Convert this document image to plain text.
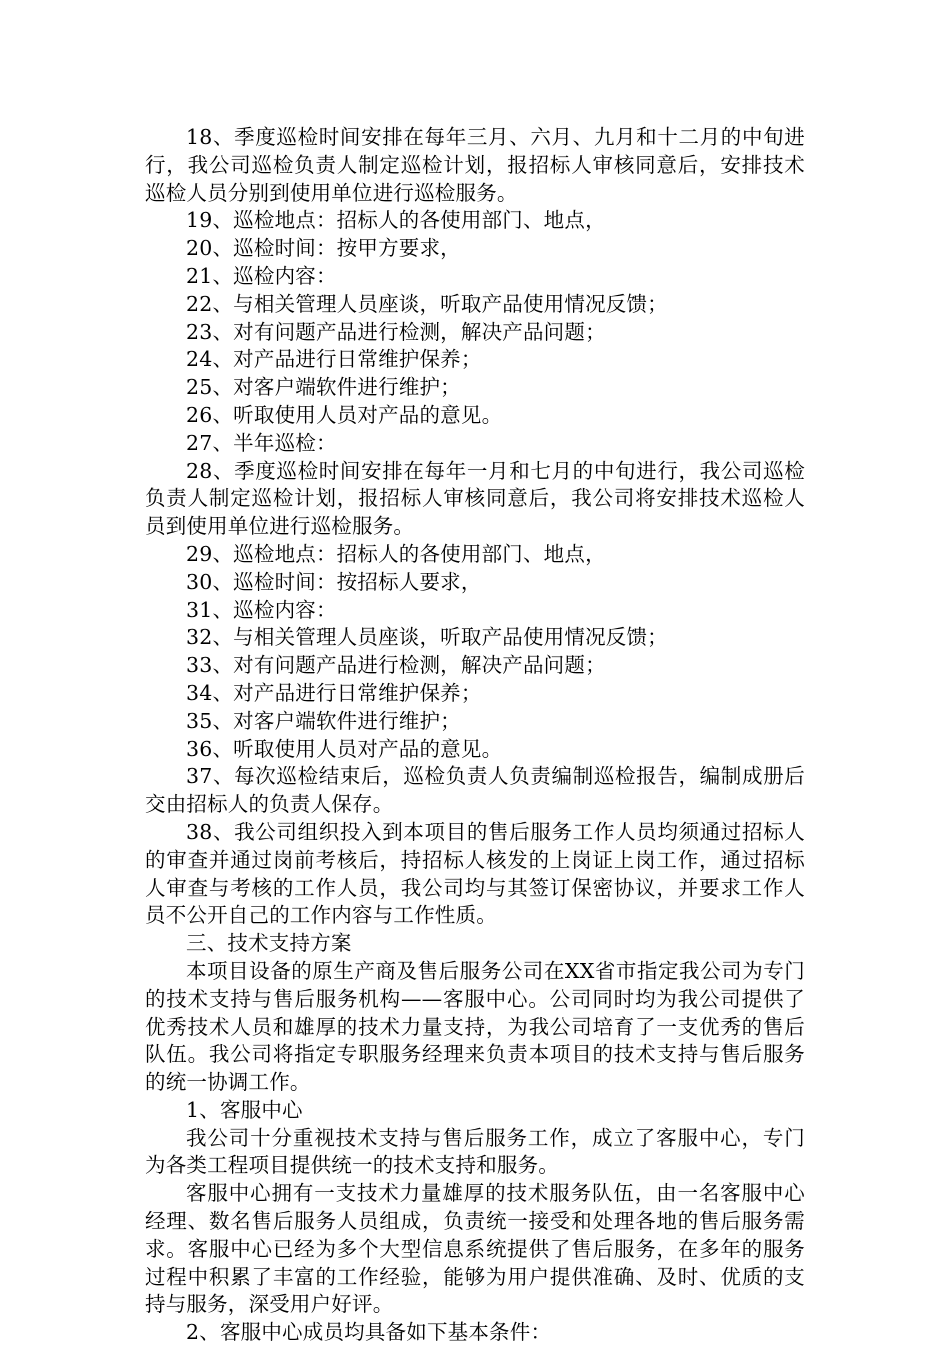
18、季度巡检时间安排在每年三月、六月、九月和十二月的中旬进行，我公司巡检负责人制定巡检计划，报招标人审核同意后，安排技术巡检人员分别到使用单位进行巡检服务。

19、巡检地点：招标人的各使用部门、地点，

20、巡检时间：按甲方要求，

21、巡检内容：

22、与相关管理人员座谈，听取产品使用情况反馈；

23、对有问题产品进行检测，解决产品问题；

24、对产品进行日常维护保养；

25、对客户端软件进行维护；

26、听取使用人员对产品的意见。

27、半年巡检：

28、季度巡检时间安排在每年一月和七月的中旬进行，我公司巡检负责人制定巡检计划，报招标人审核同意后，我公司将安排技术巡检人员到使用单位进行巡检服务。

29、巡检地点：招标人的各使用部门、地点，

30、巡检时间：按招标人要求，

31、巡检内容：

32、与相关管理人员座谈，听取产品使用情况反馈；

33、对有问题产品进行检测，解决产品问题；

34、对产品进行日常维护保养；

35、对客户端软件进行维护；

36、听取使用人员对产品的意见。

37、每次巡检结束后，巡检负责人负责编制巡检报告，编制成册后交由招标人的负责人保存。

38、我公司组织投入到本项目的售后服务工作人员均须通过招标人的审查并通过岗前考核后，持招标人核发的上岗证上岗工作，通过招标人审查与考核的工作人员，我公司均与其签订保密协议，并要求工作人员不公开自己的工作内容与工作性质。

三、技术支持方案

本项目设备的原生产商及售后服务公司在XX省市指定我公司为专门的技术支持与售后服务机构——客服中心。公司同时均为我公司提供了优秀技术人员和雄厚的技术力量支持，为我公司培育了一支优秀的售后队伍。我公司将指定专职服务经理来负责本项目的技术支持与售后服务的统一协调工作。

1、客服中心

我公司十分重视技术支持与售后服务工作，成立了客服中心，专门为各类工程项目提供统一的技术支持和服务。

客服中心拥有一支技术力量雄厚的技术服务队伍，由一名客服中心经理、数名售后服务人员组成，负责统一接受和处理各地的售后服务需求。客服中心已经为多个大型信息系统提供了售后服务，在多年的服务过程中积累了丰富的工作经验，能够为用户提供准确、及时、优质的支持与服务，深受用户好评。

2、客服中心成员均具备如下基本条件：
